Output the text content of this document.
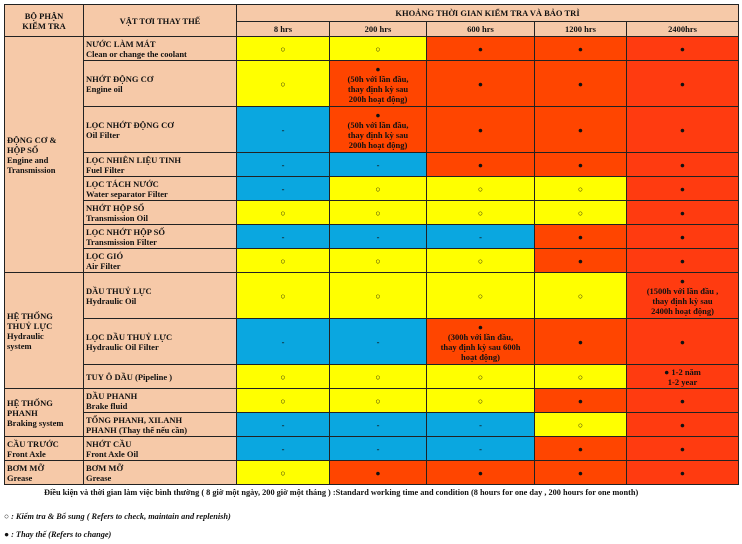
BỘ PHẬN
KIỂM TRA	VẬT TƠI THAY THẾ	KHOẢNG THỜI GIAN KIỂM TRA VÀ BẢO TRÌ				
		8 hrs	200 hrs	600 hrs	1200 hrs	2400hrs

ĐỘNG CƠ &
HỘP SỐ
Engine and
Transmission	NƯỚC LÀM MÁT
Clean or change the coolant	○	○	●	●	●

	NHỚT ĐỘNG CƠ
Engine oil	○	●
(50h với lần đầu,
thay định kỳ sau
200h hoạt động)	●	●	●

	LỌC NHỚT ĐỘNG CƠ
Oil Filter	-	●
(50h với lần đầu,
thay định kỳ sau
200h hoạt động)	●	●	●

	LỌC NHIÊN LIỆU TINH
Fuel Filter	-	-	●	●	●

	LỌC TÁCH NƯỚC
Water separator Filter	-	○	○	○	●

	NHỚT HỘP SỐ
Transmission Oil	○	○	○	○	●

	LỌC NHỚT HỘP SỐ
Transmission Filter	-	-	-	●	●

	LỌC GIÓ
Air Filter	○	○	○	●	●

HỆ THỐNG
THUỶ LỰC
Hydraulic
system	DẦU THUỶ LỰC
Hydraulic Oil	○	○	○	○	●
(1500h với lần đầu ,
thay định kỳ sau
2400h hoạt động)

	LỌC DẦU THUỶ LỰC
Hydraulic Oil Filter	-	-	●
(300h với lần đầu,
thay định kỳ sau 600h
hoạt động)	●	●

	TUY Ô DẦU (Pipeline )	○	○	○	○	● 1-2 năm
1-2 year

HỆ THỐNG
PHANH
Braking system	DẦU PHANH
Brake fluid	○	○	○	●	●

	TỔNG PHANH, XILANH
PHANH (Thay thế nếu cần)	-	-	-	○	●

CẦU TRƯỚC
Front Axle	NHỚT CẦU
Front Axle Oil	-	-	-	●	●

BƠM MỠ
Grease	BƠM MỠ
Grease	○	●	●	●	●
Điều kiện và thời gian làm việc bình thường ( 8 giờ một ngày, 200 giờ một tháng ) :Standard working time and condition (8 hours for one day , 200 hours for one month)
○ : Kiểm tra & Bổ sung ( Refers to check, maintain and replenish)
● : Thay thế (Refers to change)
